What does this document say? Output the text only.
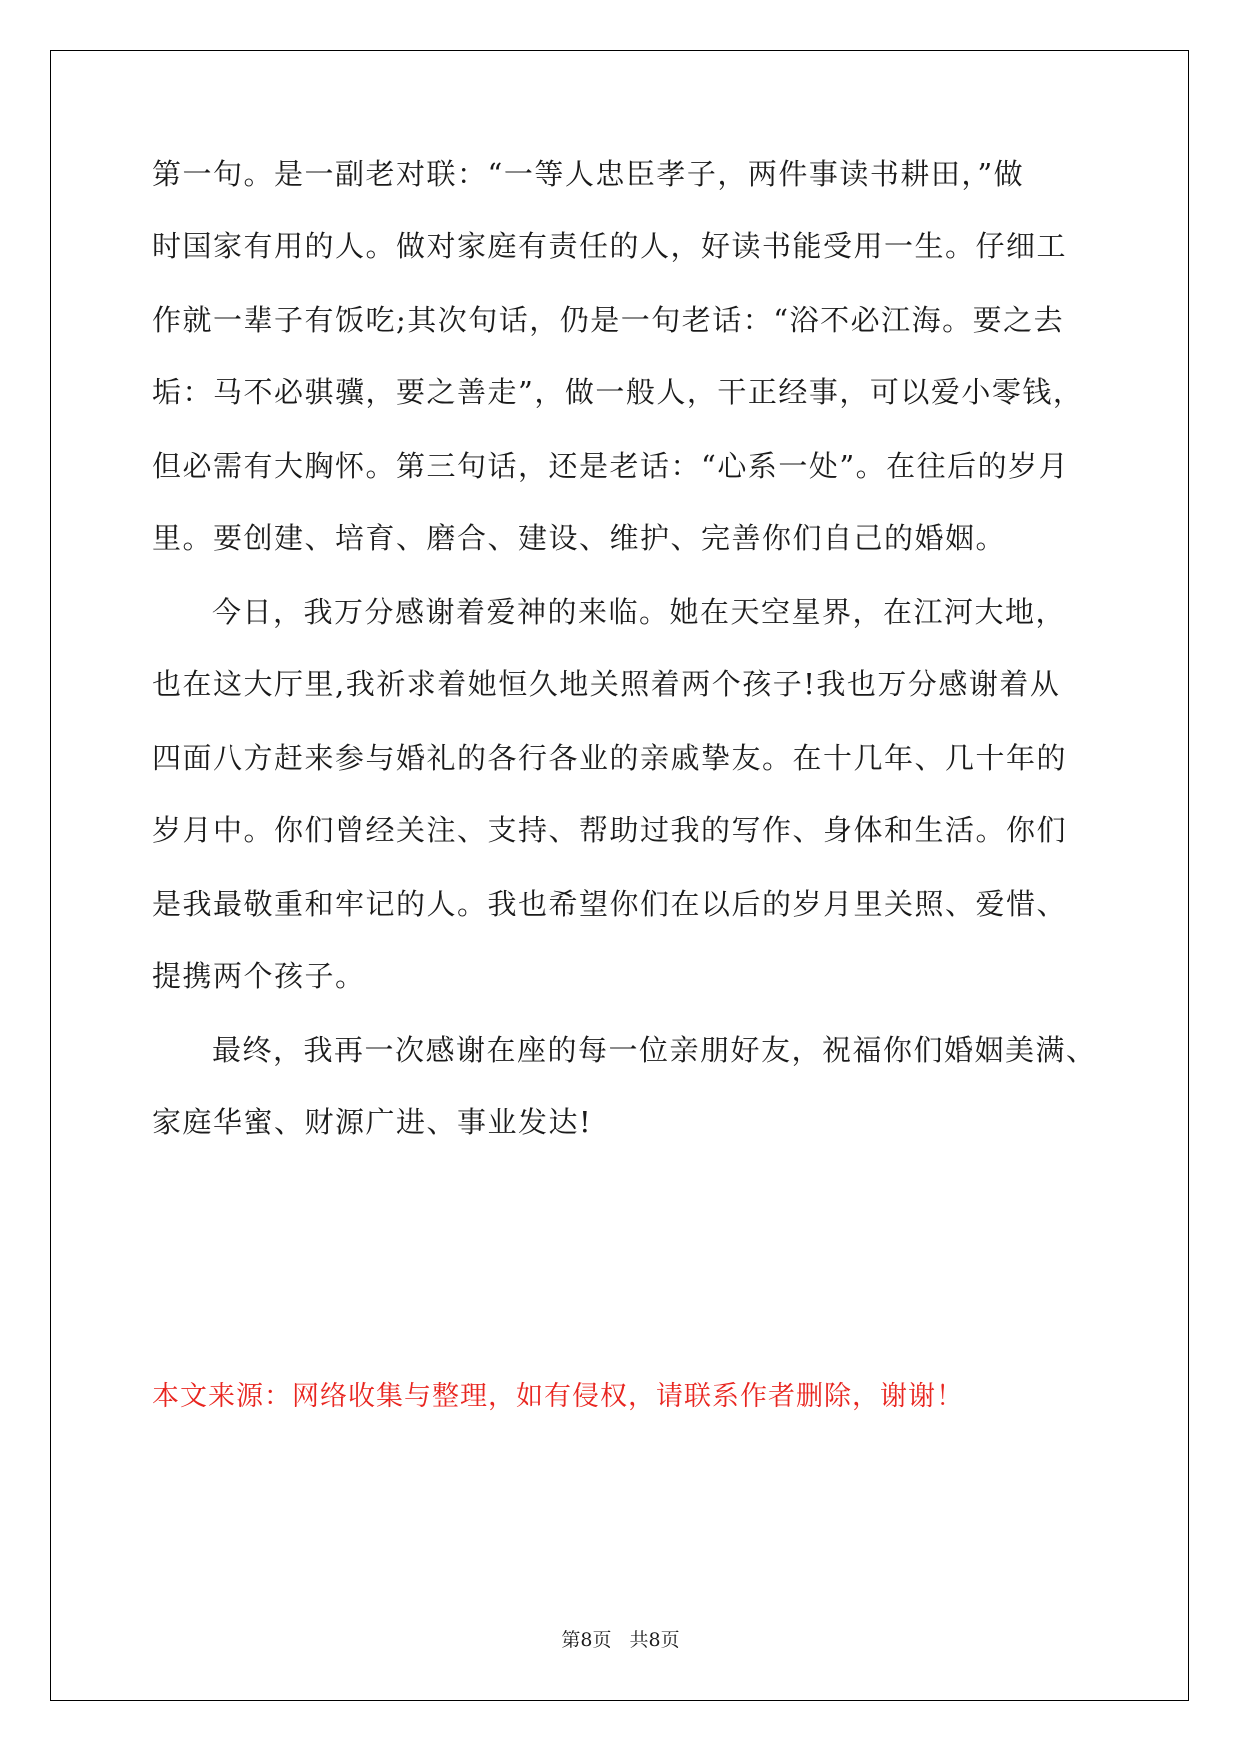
第一句。是一副老对联：“一等人忠臣孝子，两件事读书耕田，”做
时国家有用的人。做对家庭有责任的人，好读书能受用一生。仔细工
作就一辈子有饭吃;其次句话，仍是一句老话：“浴不必江海。要之去
垢：马不必骐骥，要之善走”，做一般人，干正经事，可以爱小零钱，
但必需有大胸怀。第三句话，还是老话：“心系一处”。在往后的岁月
里。要创建、培育、磨合、建设、维护、完善你们自己的婚姻。
今日，我万分感谢着爱神的来临。她在天空星界，在江河大地，
也在这大厅里,我祈求着她恒久地关照着两个孩子!我也万分感谢着从
四面八方赶来参与婚礼的各行各业的亲戚挚友。在十几年、几十年的
岁月中。你们曾经关注、支持、帮助过我的写作、身体和生活。你们
是我最敬重和牢记的人。我也希望你们在以后的岁月里关照、爱惜、
提携两个孩子。
最终，我再一次感谢在座的每一位亲朋好友，祝福你们婚姻美满、
家庭华蜜、财源广进、事业发达!
本文来源：网络收集与整理，如有侵权，请联系作者删除，谢谢！
第8页 共8页
